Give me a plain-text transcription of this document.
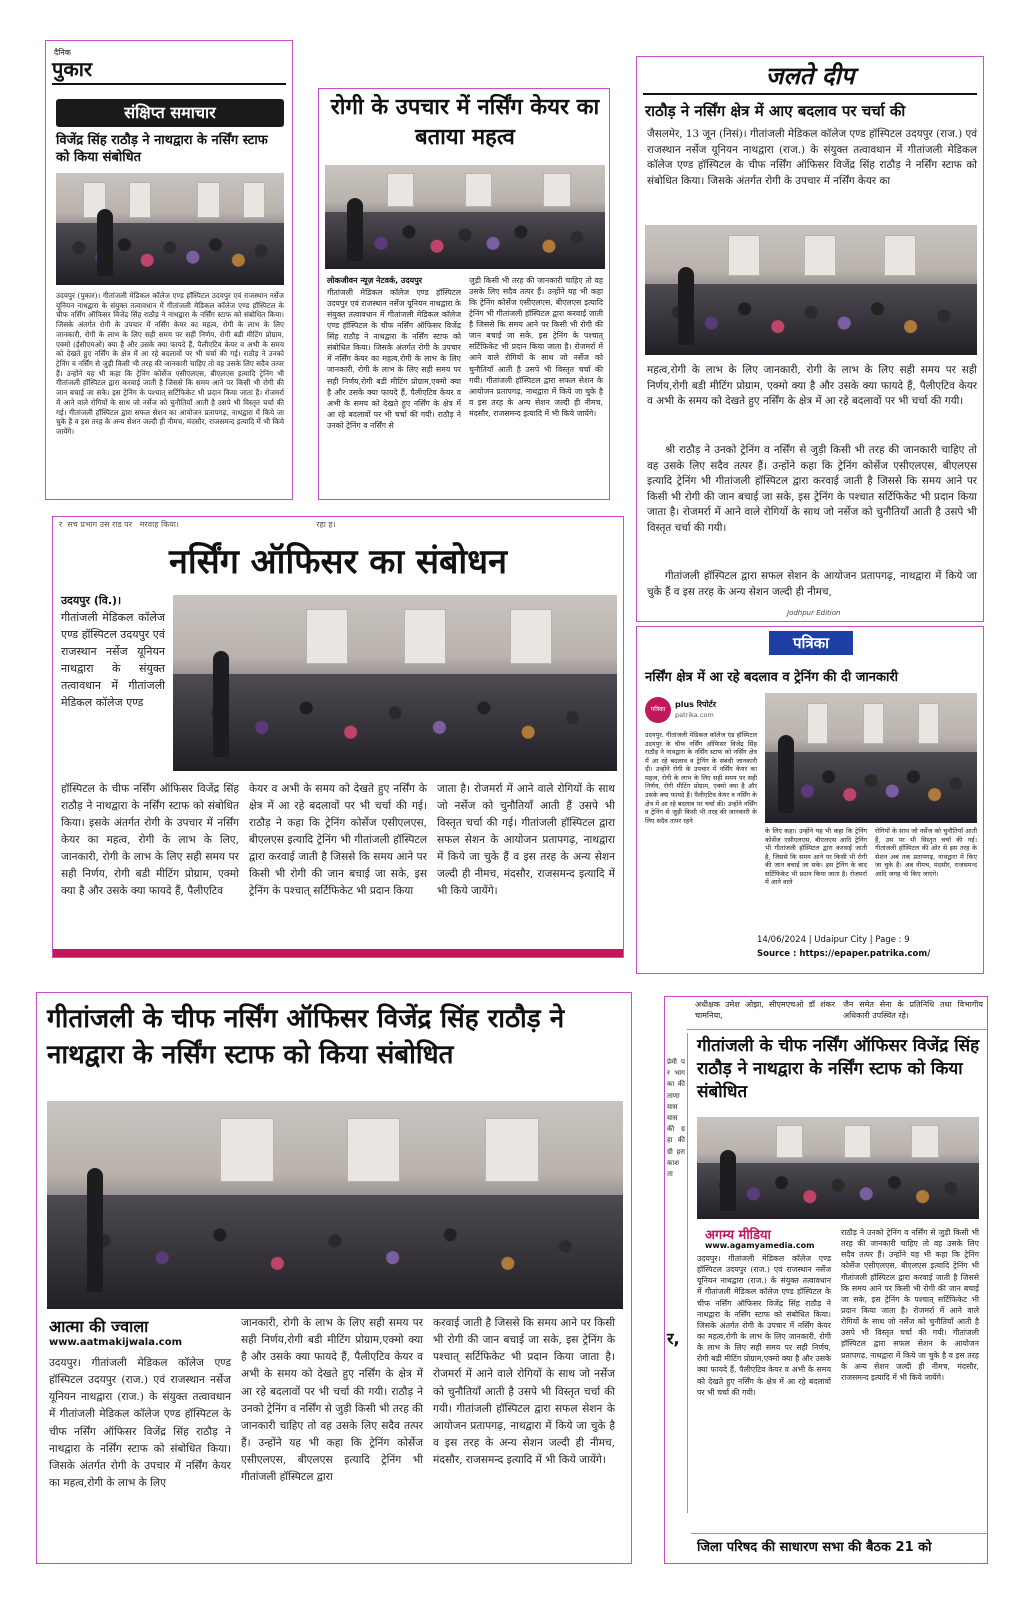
दैनिक
पुकार
संक्षिप्त समाचार
विजेंद्र सिंह राठौड़ ने नाथद्वारा के नर्सिंग स्टाफ को किया संबोधित
उदयपुर (पुकार)। गीतांजली मेडिकल कॉलेज एण्ड हॉस्पिटल उदयपुर एवं राजस्थान नर्सेज यूनियन नाथद्वारा के संयुक्त तत्वावधान में गीतांजली मेडिकल कॉलेज एण्ड हॉस्पिटल के चीफ नर्सिंग ऑफिसर विजेंद्र सिंह राठौड़ ने नाथद्वारा के नर्सिंग स्टाफ को संबोधित किया। जिसके अंतर्गत रोगी के उपचार में नर्सिंग केयर का महत्व, रोगी के लाभ के लिए जानकारी, रोगी के लाभ के लिए सही समय पर सही निर्णय, रोगी बडी मीटिंग प्रोग्राम, एक्मो (ईसीएमओ) क्या है और उसके क्या फायदे हैं, पैलीएटिव केयर व अभी के समय को देखते हुए नर्सिंग के क्षेत्र में आ रहे बदलावों पर भी चर्चा की गई। राठौड़ ने उनको ट्रेनिंग व नर्सिंग से जुड़ी किसी भी तरह की जानकारी चाहिए तो वह उसके लिए सदैव तत्पर हैं। उन्होंने यह भी कहा कि ट्रेनिंग कोर्सेज एसीएलएस, बीएलएस इत्यादि ट्रेनिंग भी गीतांजली हॉस्पिटल द्वारा करवाई जाती है जिससे कि समय आने पर किसी भी रोगी की जान बचाई जा सके। इस ट्रेनिंग के पश्चात् सर्टिफिकेट भी प्रदान किया जाता है। रोजमर्रा में आने वाले रोगियों के साथ जो नर्सेज को चुनौतियाँ आती है उसपे भी विस्तृत चर्चा की गई। गीतांजली हॉस्पिटल द्वारा सफल सेशन का आयोजन प्रतापगढ़, नाथद्वारा में किये जा चुके है व इस तरह के अन्य सेशन जल्दी ही नीमच, मंदसौर, राजसमन्द इत्यादि में भी किये जायेंगे।
रोगी के उपचार में नर्सिंग केयर का बताया महत्व
लोकजीवन न्यूज़ नेटवर्क, उदयपुर
गीतांजली मेडिकल कॉलेज एण्ड हॉस्पिटल उदयपुर एवं राजस्थान नर्सेज यूनियन नाथद्वारा के संयुक्त तत्वावधान में गीतांजली मेडिकल कॉलेज एण्ड हॉस्पिटल के चीफ नर्सिंग ऑफिसर विजेंद्र सिंह राठौड़ ने नाथद्वारा के नर्सिंग स्टाफ को संबोधित किया। जिसके अंतर्गत रोगी के उपचार में नर्सिंग केयर का महत्व,रोगी के लाभ के लिए जानकारी, रोगी के लाभ के लिए सही समय पर सही निर्णय,रोगी बडी मीटिंग प्रोग्राम,एक्मो क्या है और उसके क्या फायदे हैं, पैलीएटिव केयर व अभी के समय को देखते हुए नर्सिंग के क्षेत्र में आ रहे बदलावों पर भी चर्चा की गयी। राठौड़ ने उनको ट्रेनिंग व नर्सिंग से
जुड़ी किसी भी तरह की जानकारी चाहिए तो वह उसके लिए सदैव तत्पर हैं। उन्होंने यह भी कहा कि ट्रेनिंग कोर्सेज एसीएलएस, बीएलएस इत्यादि ट्रेनिंग भी गीतांजली हॉस्पिटल द्वारा करवाई जाती है जिससे कि समय आने पर किसी भी रोगी की जान बचाई जा सके, इस ट्रेनिंग के पश्चात् सर्टिफिकेट भी प्रदान किया जाता है। रोजमर्रा में आने वाले रोगियों के साथ जो नर्सेज को चुनौतियाँ आती है उसपे भी विस्तृत चर्चा की गयी। गीतांजली हॉस्पिटल द्वारा सफल सेशन के आयोजन प्रतापगढ़, नाथद्वारा में किये जा चुके है व इस तरह के अन्य सेशन जल्दी ही नीमच, मंदसौर, राजसमन्द इत्यादि में भी किये जायेंगे।
जलते दीप
राठौड़ ने नर्सिंग क्षेत्र में आए बदलाव पर चर्चा की
जैसलमेर, 13 जून (निसं)। गीतांजली मेडिकल कॉलेज एण्ड हॉस्पिटल उदयपुर (राज.) एवं राजस्थान नर्सेज यूनियन नाथद्वारा (राज.) के संयुक्त तत्वावधान में गीतांजली मेडिकल कॉलेज एण्ड हॉस्पिटल के चीफ नर्सिंग ऑफिसर विजेंद्र सिंह राठौड़ ने नर्सिंग स्टाफ को संबोधित किया। जिसके अंतर्गत रोगी के उपचार में नर्सिंग केयर का
महत्व,रोगी के लाभ के लिए जानकारी, रोगी के लाभ के लिए सही समय पर सही निर्णय,रोगी बडी मीटिंग प्रोग्राम, एक्मो क्या है और उसके क्या फायदे हैं, पैलीएटिव केयर व अभी के समय को देखते हुए नर्सिंग के क्षेत्र में आ रहे बदलावों पर भी चर्चा की गयी।
श्री राठौड़ ने उनको ट्रेनिंग व नर्सिंग से जुड़ी किसी भी तरह की जानकारी चाहिए तो वह उसके लिए सदैव तत्पर हैं। उन्होंने कहा कि ट्रेनिंग कोर्सेज एसीएलएस, बीएलएस इत्यादि ट्रेनिंग भी गीतांजली हॉस्पिटल द्वारा करवाई जाती है जिससे कि समय आने पर किसी भी रोगी की जान बचाई जा सके, इस ट्रेनिंग के पश्चात सर्टिफिकेट भी प्रदान किया जाता है। रोजमर्रा में आने वाले रोगियों के साथ जो नर्सेज को चुनौतियाँ आती है उसपे भी विस्तृत चर्चा की गयी।
गीतांजली हॉस्पिटल द्वारा सफल सेशन के आयोजन प्रतापगढ़, नाथद्वारा में किये जा चुके हैं व इस तरह के अन्य सेशन जल्दी ही नीमच,
Jodhpur Edition
र  सच प्रभाग उस राड पर   मरवाह किया।                                                      रहा ह।
नर्सिंग ऑफिसर का संबोधन
उदयपुर (वि.)।
गीतांजली मेडिकल कॉलेज एण्ड हॉस्पिटल उदयपुर एवं राजस्थान नर्सेज यूनियन नाथद्वारा के संयुक्त तत्वावधान में गीतांजली मेडिकल कॉलेज एण्ड
हॉस्पिटल के चीफ नर्सिंग ऑफिसर विजेंद्र सिंह राठौड़ ने नाथद्वारा के नर्सिंग स्टाफ को संबोधित किया। इसके अंतर्गत रोगी के उपचार में नर्सिंग केयर का महत्व, रोगी के लाभ के लिए, जानकारी, रोगी के लाभ के लिए सही समय पर सही निर्णय, रोगी बडी मीटिंग प्रोग्राम, एक्मो क्या है और उसके क्या फायदे हैं, पैलीएटिव
केयर व अभी के समय को देखते हुए नर्सिंग के क्षेत्र में आ रहे बदलावों पर भी चर्चा की गई। राठौड़ ने कहा कि ट्रेनिंग कोर्सेज एसीएलएस, बीएलएस इत्यादि ट्रेनिंग भी गीतांजली हॉस्पिटल द्वारा करवाई जाती है जिससे कि समय आने पर किसी भी रोगी की जान बचाई जा सके, इस ट्रेनिंग के पश्चात् सर्टिफिकेट भी प्रदान किया
जाता है। रोजमर्रा में आने वाले रोगियों के साथ जो नर्सेज को चुनौतियाँ आती हैं उसपे भी विस्तृत चर्चा की गई। गीतांजली हॉस्पिटल द्वारा सफल सेशन के आयोजन प्रतापगढ़, नाथद्वारा में किये जा चुके हैं व इस तरह के अन्य सेशन जल्दी ही नीमच, मंदसौर, राजसमन्द इत्यादि में भी किये जायेंगे।
पत्रिका
नर्सिंग क्षेत्र में आ रहे बदलाव व ट्रेनिंग की दी जानकारी
पत्रिका
plus रिपोर्टर
patrika.com
उदयपुर. गीतांजली मेडिकल कॉलेज एंड हॉस्पिटल उदयपुर के चीफ नर्सिंग ऑफिसर विजेंद्र सिंह राठौड़ ने नाथद्वारा के नर्सिंग स्टाफ को नर्सिंग क्षेत्र में आ रहे बदलाव व ट्रेनिंग के संबंधी जानकारी दी। उन्होंने रोगी के उपचार में नर्सिंग केयर का महत्व, रोगी के लाभ के लिए सही समय पर सही निर्णय, रोगी मीटिंग प्रोग्राम, एक्मो क्या है और उसके क्या फायदे हैं। पैलीएटिव केयर व नर्सिंग के क्षेत्र में आ रहे बदलाव पर चर्चा की। उन्होंने नर्सिंग व ट्रेनिंग से जुड़ी किसी भी तरह की जानकारी के लिए सदैव तत्पर रहने
के लिए कहा। उन्होंने यह भी कहा कि ट्रेनिंग कोर्सेज एसीएलएस, बीएलएस आदि ट्रेनिंग भी गीतांजली हॉस्पिटल द्वारा करवाई जाती है, जिससे कि समय आने पर किसी भी रोगी की जान बचाई जा सके। इस ट्रेनिंग के बाद सर्टिफिकेट भी प्रदान किया जाता है। रोजमर्रा में आने वाले
रोगियों के साथ जो नर्सेज को चुनौतियाँ आती हैं, उस पर भी विस्तृत चर्चा की गई। गीतांजली हॉस्पिटल की ओर से इस तरह के सेशन अब तक प्रतापगढ़, नाथद्वारा में किए जा चुके हैं। अब नीमच, मंदसौर, राजसमन्द आदि जगह भी किए जाएंगे।
14/06/2024 | Udaipur City | Page : 9
Source : https://epaper.patrika.com/
गीतांजली के चीफ नर्सिंग ऑफिसर विजेंद्र सिंह राठौड़ ने नाथद्वारा के नर्सिंग स्टाफ को किया संबोधित
आत्मा की ज्वाला
www.aatmakijwala.com
उदयपुर। गीतांजली मेडिकल कॉलेज एण्ड हॉस्पिटल उदयपुर (राज.) एवं राजस्थान नर्सेज यूनियन नाथद्वारा (राज.) के संयुक्त तत्वावधान में गीतांजली मेडिकल कॉलेज एण्ड हॉस्पिटल के चीफ नर्सिंग ऑफिसर विजेंद्र सिंह राठौड़ ने नाथद्वारा के नर्सिंग स्टाफ को संबोधित किया। जिसके अंतर्गत रोगी के उपचार में नर्सिंग केयर का महत्व,रोगी के लाभ के लिए
जानकारी, रोगी के लाभ के लिए सही समय पर सही निर्णय,रोगी बडी मीटिंग प्रोग्राम,एक्मो क्या है और उसके क्या फायदे हैं, पैलीएटिव केयर व अभी के समय को देखते हुए नर्सिंग के क्षेत्र में आ रहे बदलावों पर भी चर्चा की गयी। राठौड़ ने उनको ट्रेनिंग व नर्सिंग से जुड़ी किसी भी तरह की जानकारी चाहिए तो वह उसके लिए सदैव तत्पर हैं। उन्होंने यह भी कहा कि ट्रेनिंग कोर्सेज एसीएलएस, बीएलएस इत्यादि ट्रेनिंग भी गीतांजली हॉस्पिटल द्वारा
करवाई जाती है जिससे कि समय आने पर किसी भी रोगी की जान बचाई जा सके, इस ट्रेनिंग के पश्चात् सर्टिफिकेट भी प्रदान किया जाता है। रोजमर्रा में आने वाले रोगियों के साथ जो नर्सेज को चुनौतियाँ आती है उसपे भी विस्तृत चर्चा की गयी। गीतांजली हॉस्पिटल द्वारा सफल सेशन के आयोजन प्रतापगढ़, नाथद्वारा में किये जा चुके है व इस तरह के अन्य सेशन जल्दी ही नीमच, मंदसौर, राजसमन्द इत्यादि में भी किये जायेंगे।
अधीक्षक उमेश ओझा, सीएमएचओ डॉ शंकर चामनिया,
जैन समेत सेना के प्रतिनिधि तथा विभागीय अधिकारी उपस्थित रहे।
प्रेमी पर भाग का की ताणा यास यास की ग्रहा की ग्री हरा काश ता
र,
गीतांजली के चीफ नर्सिंग ऑफिसर विजेंद्र सिंह राठौड़ ने नाथद्वारा के नर्सिंग स्टाफ को किया संबोधित
अगम्य मीडिया
www.agamyamedia.com
उदयपुर। गीतांजली मेडिकल कॉलेज एण्ड हॉस्पिटल उदयपुर (राज.) एवं राजस्थान नर्सेज यूनियन नाथद्वारा (राज.) के संयुक्त तत्वावधान में गीतांजली मेडिकल कॉलेज एण्ड हॉस्पिटल के चीफ नर्सिंग ऑफिसर विजेंद्र सिंह राठौड़ ने नाथद्वारा के नर्सिंग स्टाफ को संबोधित किया। जिसके अंतर्गत रोगी के उपचार में नर्सिंग केयर का महत्व,रोगी के लाभ के लिए जानकारी, रोगी के लाभ के लिए सही समय पर सही निर्णय, रोगी बडी मीटिंग प्रोग्राम,एक्मो क्या है और उसके क्या फायदे हैं, पैलीएटिव केयर व अभी के समय को देखते हुए नर्सिंग के क्षेत्र में आ रहे बदलावों पर भी चर्चा की गयी।
राठौड़ ने उनको ट्रेनिंग व नर्सिंग से जुड़ी किसी भी तरह की जानकारी चाहिए तो वह उसके लिए सदैव तत्पर हैं। उन्होंने यह भी कहा कि ट्रेनिंग कोर्सेज एसीएलएस, बीएलएस इत्यादि ट्रेनिंग भी गीतांजली हॉस्पिटल द्वारा करवाई जाती है जिससे कि समय आने पर किसी भी रोगी की जान बचाई जा सके, इस ट्रेनिंग के पश्चात् सर्टिफिकेट भी प्रदान किया जाता है। रोजमर्रा में आने वाले रोगियों के साथ जो नर्सेज को चुनौतियाँ आती है उसपे भी विस्तृत चर्चा की गयी। गीतांजली हॉस्पिटल द्वारा सफल सेशन के आयोजन प्रतापगढ़, नाथद्वारा में किये जा चुके है व इस तरह के अन्य सेशन जल्दी ही नीमच, मंदसौर, राजसमन्द इत्यादि में भी किये जायेंगे।
जिला परिषद की साधारण सभा की बैठक 21 को
